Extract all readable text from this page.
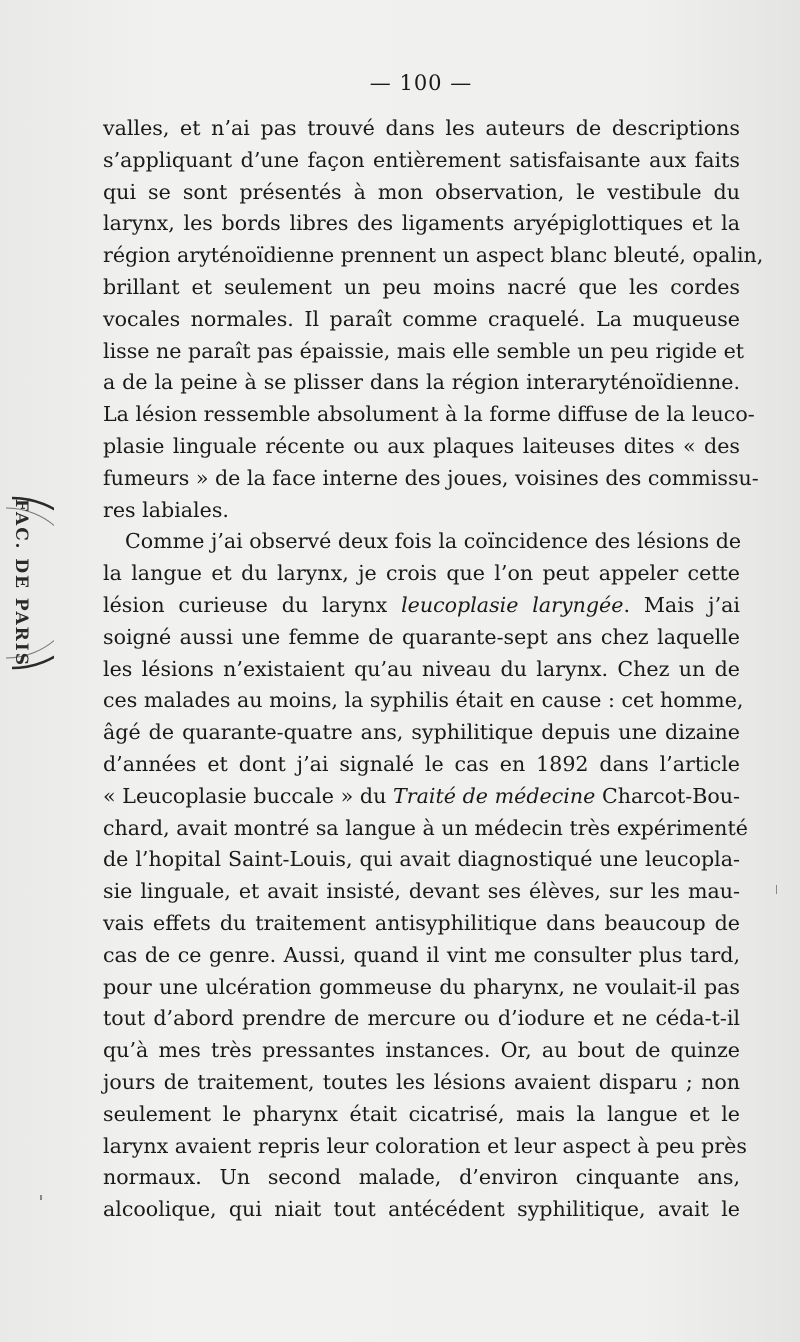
— 100 —
FAC. DE PARIS
valles, et n’ai pas trouvé dans les auteurs de descriptions
s’appliquant d’une façon entièrement satisfaisante aux faits
qui se sont présentés à mon observation, le vestibule du
larynx, les bords libres des ligaments aryépiglottiques et la
région aryténoïdienne prennent un aspect blanc bleuté, opalin,
brillant et seulement un peu moins nacré que les cordes
vocales normales. Il paraît comme craquelé. La muqueuse
lisse ne paraît pas épaissie, mais elle semble un peu rigide et
a de la peine à se plisser dans la région interaryténoïdienne.
La lésion ressemble absolument à la forme diffuse de la leuco-
plasie linguale récente ou aux plaques laiteuses dites « des
fumeurs » de la face interne des joues, voisines des commissu-
res labiales.
Comme j’ai observé deux fois la coïncidence des lésions de
la langue et du larynx, je crois que l’on peut appeler cette
lésion curieuse du larynx leucoplasie laryngée. Mais j’ai
soigné aussi une femme de quarante-sept ans chez laquelle
les lésions n’existaient qu’au niveau du larynx. Chez un de
ces malades au moins, la syphilis était en cause : cet homme,
âgé de quarante-quatre ans, syphilitique depuis une dizaine
d’années et dont j’ai signalé le cas en 1892 dans l’article
« Leucoplasie buccale » du Traité de médecine Charcot-Bou-
chard, avait montré sa langue à un médecin très expérimenté
de l’hopital Saint-Louis, qui avait diagnostiqué une leucopla-
sie linguale, et avait insisté, devant ses élèves, sur les mau-
vais effets du traitement antisyphilitique dans beaucoup de
cas de ce genre. Aussi, quand il vint me consulter plus tard,
pour une ulcération gommeuse du pharynx, ne voulait-il pas
tout d’abord prendre de mercure ou d’iodure et ne céda-t-il
qu’à mes très pressantes instances. Or, au bout de quinze
jours de traitement, toutes les lésions avaient disparu ; non
seulement le pharynx était cicatrisé, mais la langue et le
larynx avaient repris leur coloration et leur aspect à peu près
normaux. Un second malade, d’environ cinquante ans,
alcoolique, qui niait tout antécédent syphilitique, avait le
